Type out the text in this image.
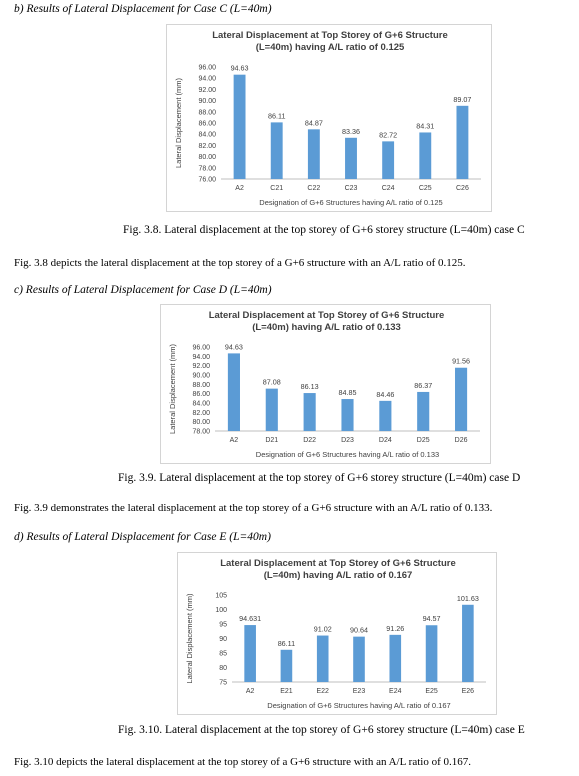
b) Results of Lateral Displacement for Case C (L=40m)

Lateral Displacement at Top Storey of G+6 Structure
(L=40m) having A/L ratio of 0.125
Lateral Displacement (mm)
76.00
78.00
80.00
82.00
84.00
86.00
88.00
90.00
92.00
94.00
96.00 94.63
A2
86.11
C21
84.87
C22
83.36
C23
82.72
C24
84.31
C25
89.07
C26
Designation of G+6 Structures having A/L ratio of 0.125

Fig. 3.8. Lateral displacement at the top storey of G+6 storey structure (L=40m) case C

Fig. 3.8 depicts the lateral displacement at the top storey of a G+6 structure with an A/L ratio of 0.125.

c) Results of Lateral Displacement for Case D (L=40m)

Lateral Displacement at Top Storey of G+6 Structure
(L=40m) having A/L ratio of 0.133
Lateral Displacement (mm) 78.00
80.00
82.00
84.00
86.00
88.00
90.00
92.00
94.00
96.00 94.63
A2
87.08
D21
86.13
D22
84.85
D23
84.46
D24
86.37
D25
91.56
D26
Designation of G+6 Structures having A/L ratio of 0.133

Fig. 3.9. Lateral displacement at the top storey of G+6 storey structure (L=40m) case D

Fig. 3.9 demonstrates the lateral displacement at the top storey of a G+6 structure with an A/L ratio of 0.133.

d) Results of Lateral Displacement for Case E (L=40m)

Lateral Displacement at Top Storey of G+6 Structure
(L=40m) having A/L ratio of 0.167
Lateral Displacement (mm)	75
80
85
90
95
100
105
94.631
A2
86.11
E21
91.02
E22
90.64
E23
91.26
E24
94.57
E25
101.63
E26
Designation of G+6 Structures having A/L ratio of 0.167

Fig. 3.10. Lateral displacement at the top storey of G+6 storey structure (L=40m) case E

Fig. 3.10 depicts the lateral displacement at the top storey of a G+6 structure with an A/L ratio of 0.167.
